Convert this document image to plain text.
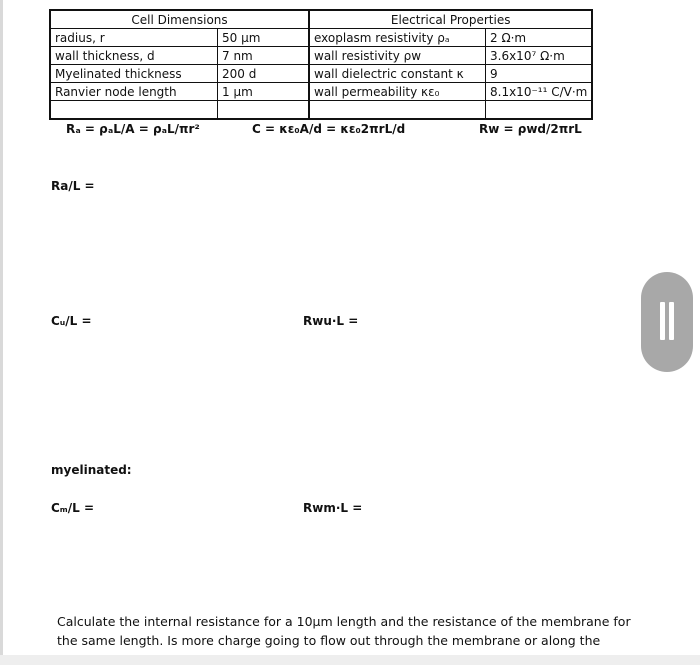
Cell Dimensions		Electrical Properties	
radius, r	50 μm	exoplasm resistivity ρₐ	2 Ω·m
wall thickness, d	7 nm	wall resistivity ρw	3.6x10⁷ Ω·m
Myelinated thickness	200 d	wall dielectric constant κ	9
Ranvier node length	1 μm	wall permeability κε₀	8.1x10⁻¹¹ C/V·m

Rₐ = ρₐL/A = ρₐL/πr²	C = κε₀A/d = κε₀2πrL/d	Rw = ρwd/2πrL
Ra/L =
Cᵤ/L =	Rwu·L =
myelinated:
Cₘ/L =	Rwm·L =
Calculate the internal resistance for a 10μm length and the resistance of the membrane for the same length. Is more charge going to flow out through the membrane or along the
